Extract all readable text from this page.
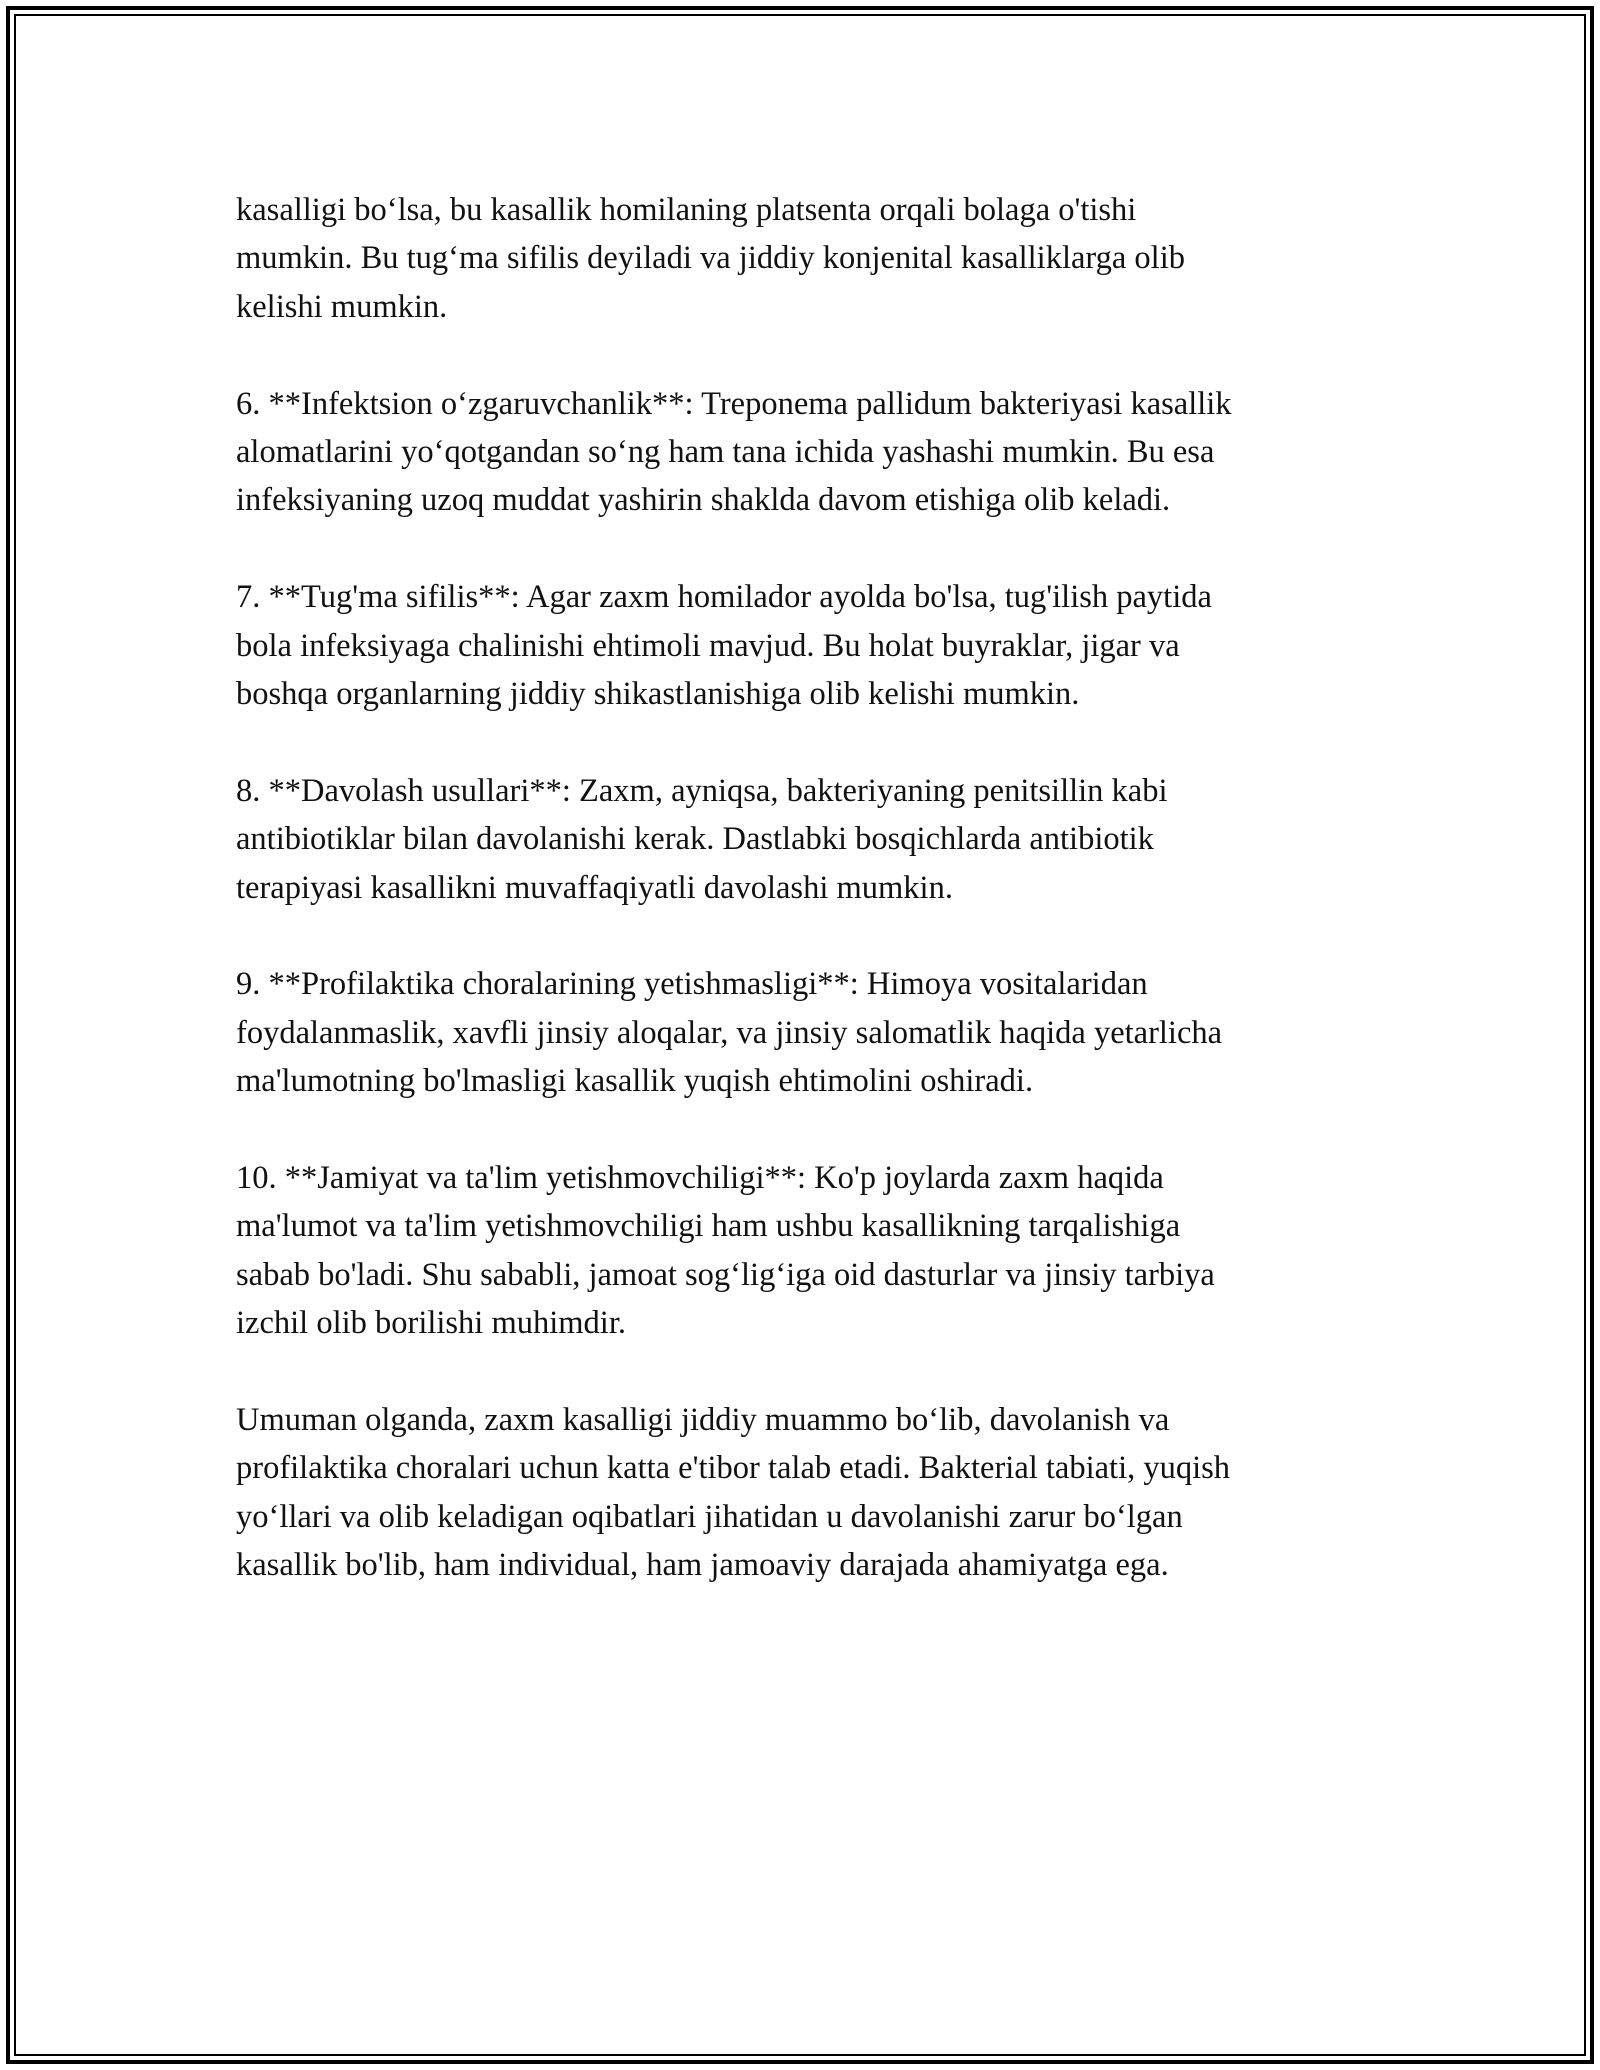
kasalligi bo‘lsa, bu kasallik homilaning platsenta orqali bolaga o'tishi
mumkin. Bu tug‘ma sifilis deyiladi va jiddiy konjenital kasalliklarga olib
kelishi mumkin.

6. **Infektsion o‘zgaruvchanlik**: Treponema pallidum bakteriyasi kasallik
alomatlarini yo‘qotgandan so‘ng ham tana ichida yashashi mumkin. Bu esa
infeksiyaning uzoq muddat yashirin shaklda davom etishiga olib keladi.

7. **Tug'ma sifilis**: Agar zaxm homilador ayolda bo'lsa, tug'ilish paytida
bola infeksiyaga chalinishi ehtimoli mavjud. Bu holat buyraklar, jigar va
boshqa organlarning jiddiy shikastlanishiga olib kelishi mumkin.

8. **Davolash usullari**: Zaxm, ayniqsa, bakteriyaning penitsillin kabi
antibiotiklar bilan davolanishi kerak. Dastlabki bosqichlarda antibiotik
terapiyasi kasallikni muvaffaqiyatli davolashi mumkin.

9. **Profilaktika choralarining yetishmasligi**: Himoya vositalaridan
foydalanmaslik, xavfli jinsiy aloqalar, va jinsiy salomatlik haqida yetarlicha
ma'lumotning bo'lmasligi kasallik yuqish ehtimolini oshiradi.

10. **Jamiyat va ta'lim yetishmovchiligi**: Ko'p joylarda zaxm haqida
ma'lumot va ta'lim yetishmovchiligi ham ushbu kasallikning tarqalishiga
sabab bo'ladi. Shu sababli, jamoat sog‘lig‘iga oid dasturlar va jinsiy tarbiya
izchil olib borilishi muhimdir.

Umuman olganda, zaxm kasalligi jiddiy muammo bo‘lib, davolanish va
profilaktika choralari uchun katta e'tibor talab etadi. Bakterial tabiati, yuqish
yo‘llari va olib keladigan oqibatlari jihatidan u davolanishi zarur bo‘lgan
kasallik bo'lib, ham individual, ham jamoaviy darajada ahamiyatga ega.
